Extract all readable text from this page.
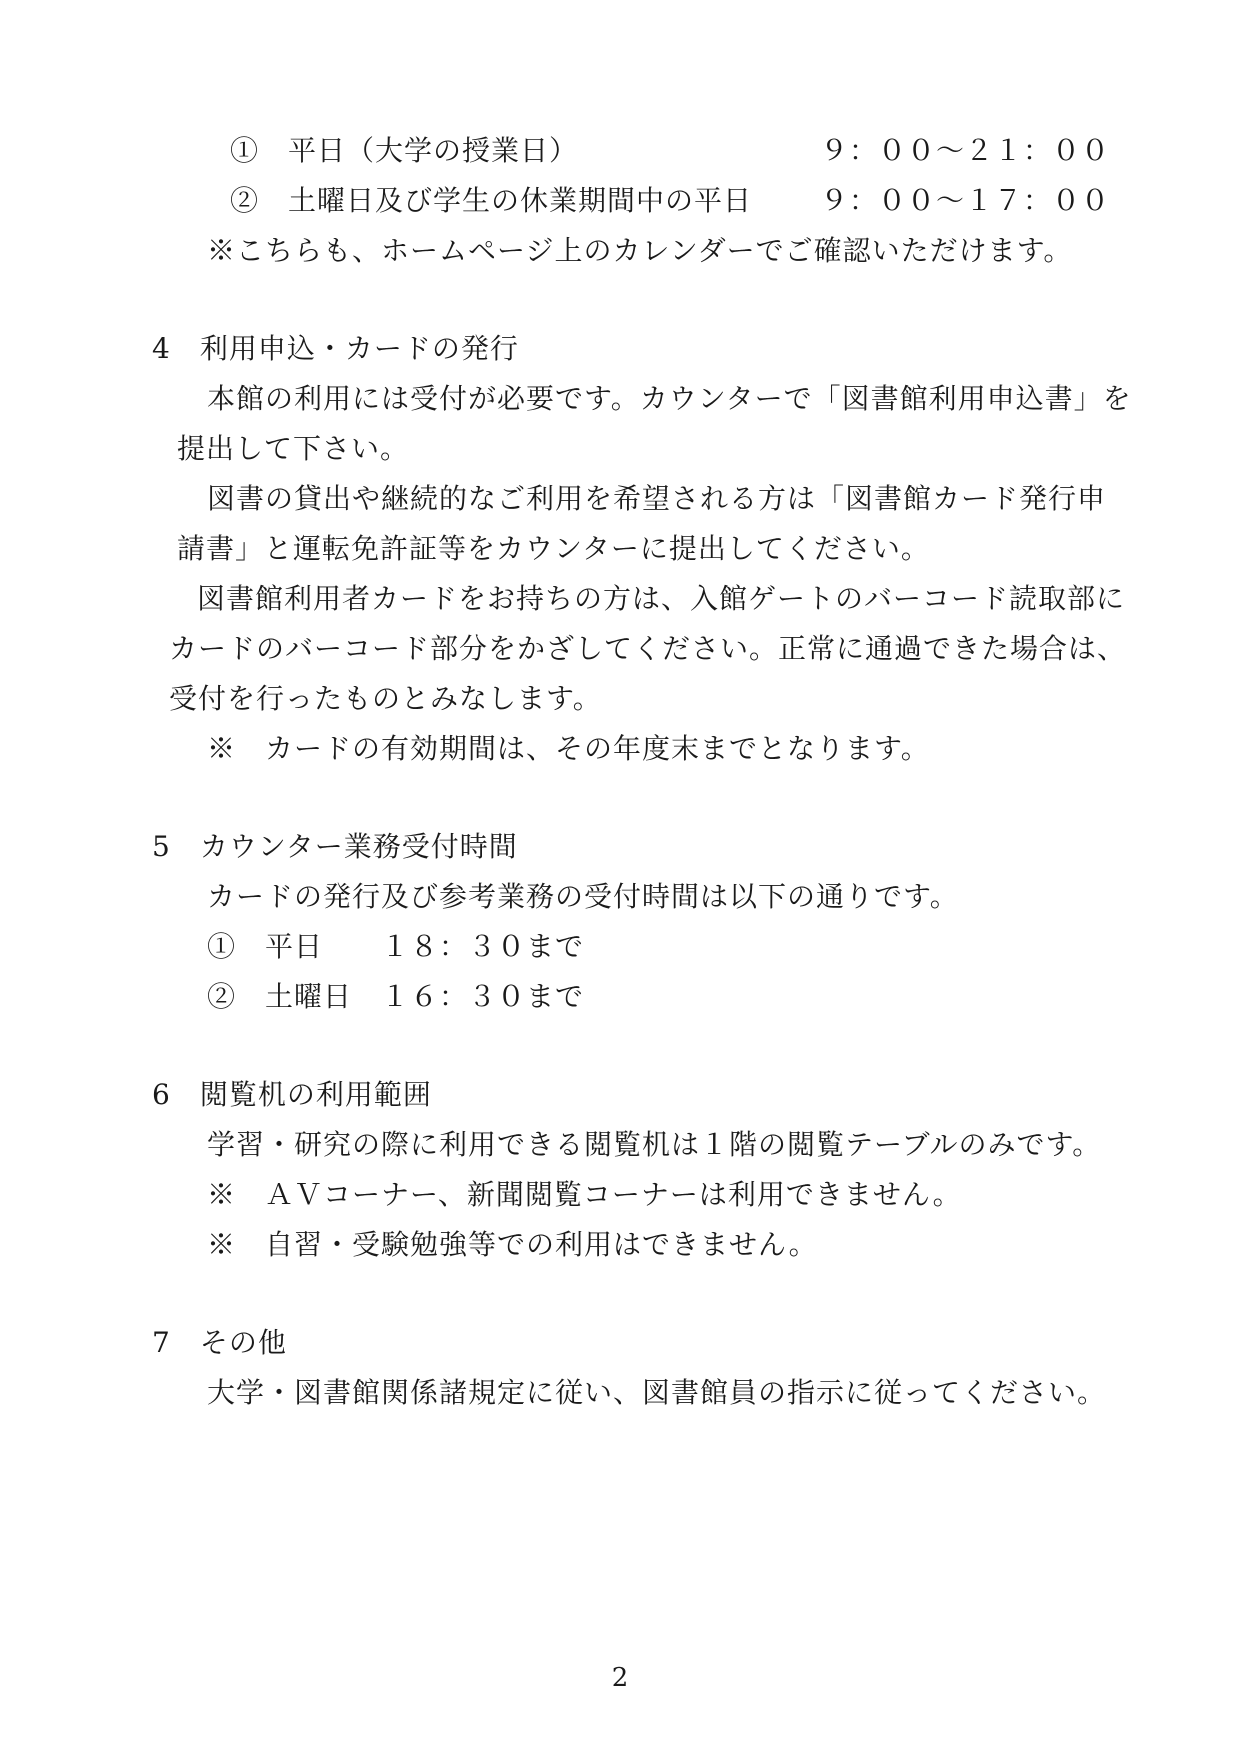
①　平日（大学の授業日）	９：００～２１：００
②　土曜日及び学生の休業期間中の平日 ９：００～１７：００
※こちらも、ホームページ上のカレンダーでご確認いただけます。
4　利用申込・カードの発行
本館の利用には受付が必要です。カウンターで「図書館利用申込書」を
提出して下さい。
図書の貸出や継続的なご利用を希望される方は「図書館カード発行申
請書」と運転免許証等をカウンターに提出してください。
図書館利用者カードをお持ちの方は、入館ゲートのバーコード読取部に
カードのバーコード部分をかざしてください。正常に通過できた場合は、
受付を行ったものとみなします。
※　カードの有効期間は、その年度末までとなります。
5　カウンター業務受付時間
カードの発行及び参考業務の受付時間は以下の通りです。
①　平日　　１８：３０まで
②　土曜日　１６：３０まで
6　閲覧机の利用範囲
学習・研究の際に利用できる閲覧机は１階の閲覧テーブルのみです。
※　ＡＶコーナー、新聞閲覧コーナーは利用できません。
※　自習・受験勉強等での利用はできません。
7　その他
大学・図書館関係諸規定に従い、図書館員の指示に従ってください。
2
